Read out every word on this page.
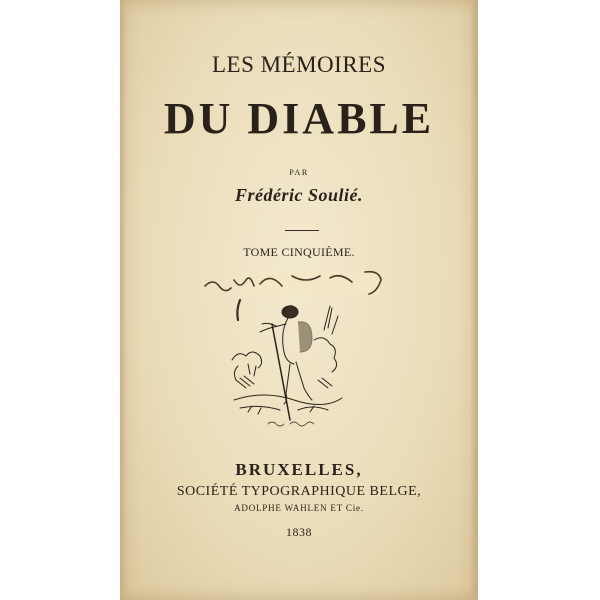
LES MÉMOIRES
DU DIABLE
PAR
Frédéric Soulié.
TOME CINQUIÈME.
BRUXELLES,
SOCIÉTÉ TYPOGRAPHIQUE BELGE,
ADOLPHE WAHLEN ET Cie.
1838
